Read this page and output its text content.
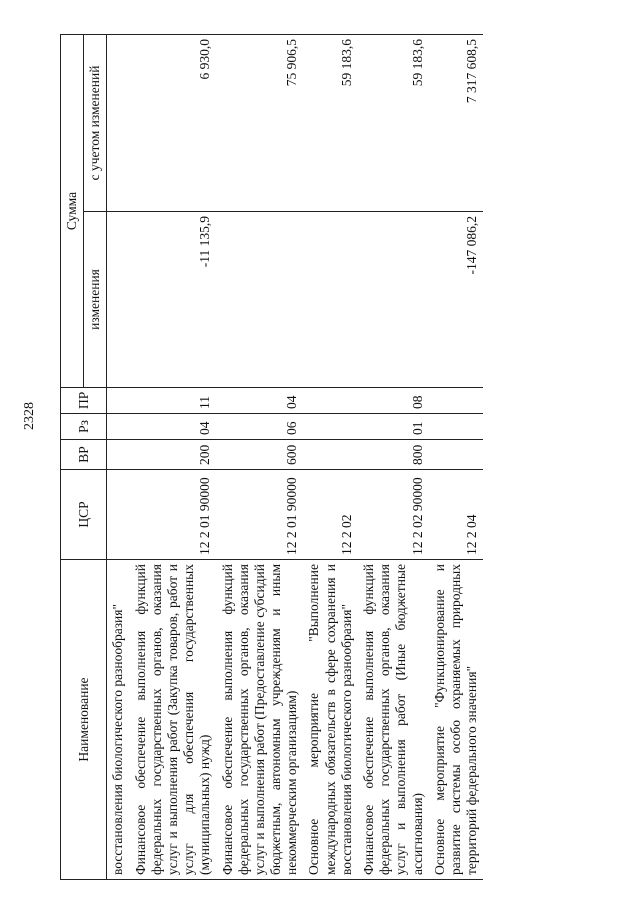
2328
Наименование	ЦСР	ВР	Рз	ПР	Сумма	
					изменения	с учетом изменений
восстановления биологического разнообразия"						
Финансовое обеспечение выполнения функций федеральных государственных органов, оказания услуг и выполнения работ (Закупка товаров, работ и услуг для обеспечения государственных (муниципальных) нужд)	12 2 01 90000	200	04	11	-11 135,9	6 930,0
Финансовое обеспечение выполнения функций федеральных государственных органов, оказания услуг и выполнения работ (Предоставление субсидий бюджетным, автономным учреждениям и иным некоммерческим организациям)	12 2 01 90000	600	06	04		75 906,5
Основное мероприятие "Выполнение международных обязательств в сфере сохранения и восстановления биологического разнообразия"	12 2 02					59 183,6
Финансовое обеспечение выполнения функций федеральных государственных органов, оказания услуг и выполнения работ (Иные бюджетные ассигнования)	12 2 02 90000	800	01	08		59 183,6
Основное мероприятие "Функционирование и развитие системы особо охраняемых природных территорий федерального значения"	12 2 04				-147 086,2	7 317 608,5
